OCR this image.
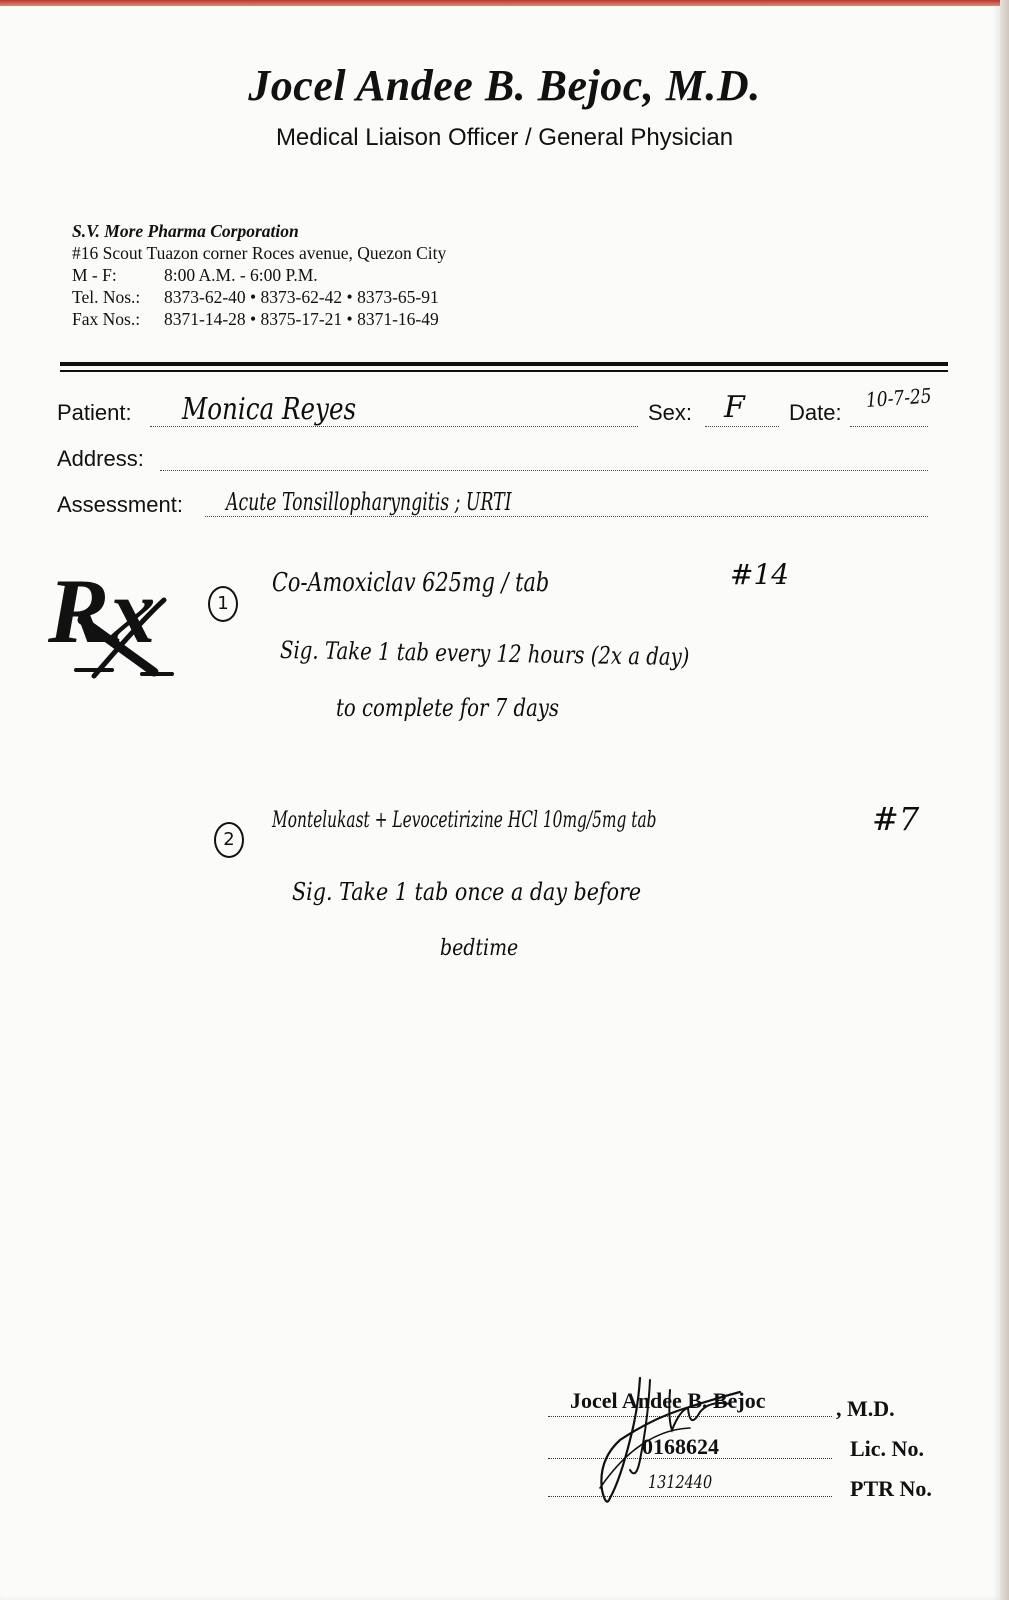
Jocel Andee B. Bejoc, M.D.
Medical Liaison Officer / General Physician
S.V. More Pharma Corporation
#16 Scout Tuazon corner Roces avenue, Quezon City
M - F:	8:00 A.M. - 6:00 P.M.
Tel. Nos.:	8373-62-40 • 8373-62-42 • 8373-65-91
Fax Nos.:	8371-14-28 • 8375-17-21 • 8371-16-49
Patient: Monica Reyes	Sex: F Date:
10-7-25
Address:
Assessment: Acute Tonsillopharyngitis ; URTI
Rx	1
Co-Amoxiclav 625mg / tab	#14
Sig. Take 1 tab every 12 hours (2x a day)
to complete for 7 days
2
Montelukast + Levocetirizine HCl 10mg/5mg tab	#7
Sig. Take 1 tab once a day before
bedtime
Jocel Andee B. Bejoc	, M.D.
0168624	Lic. No.
1312440	PTR No.
